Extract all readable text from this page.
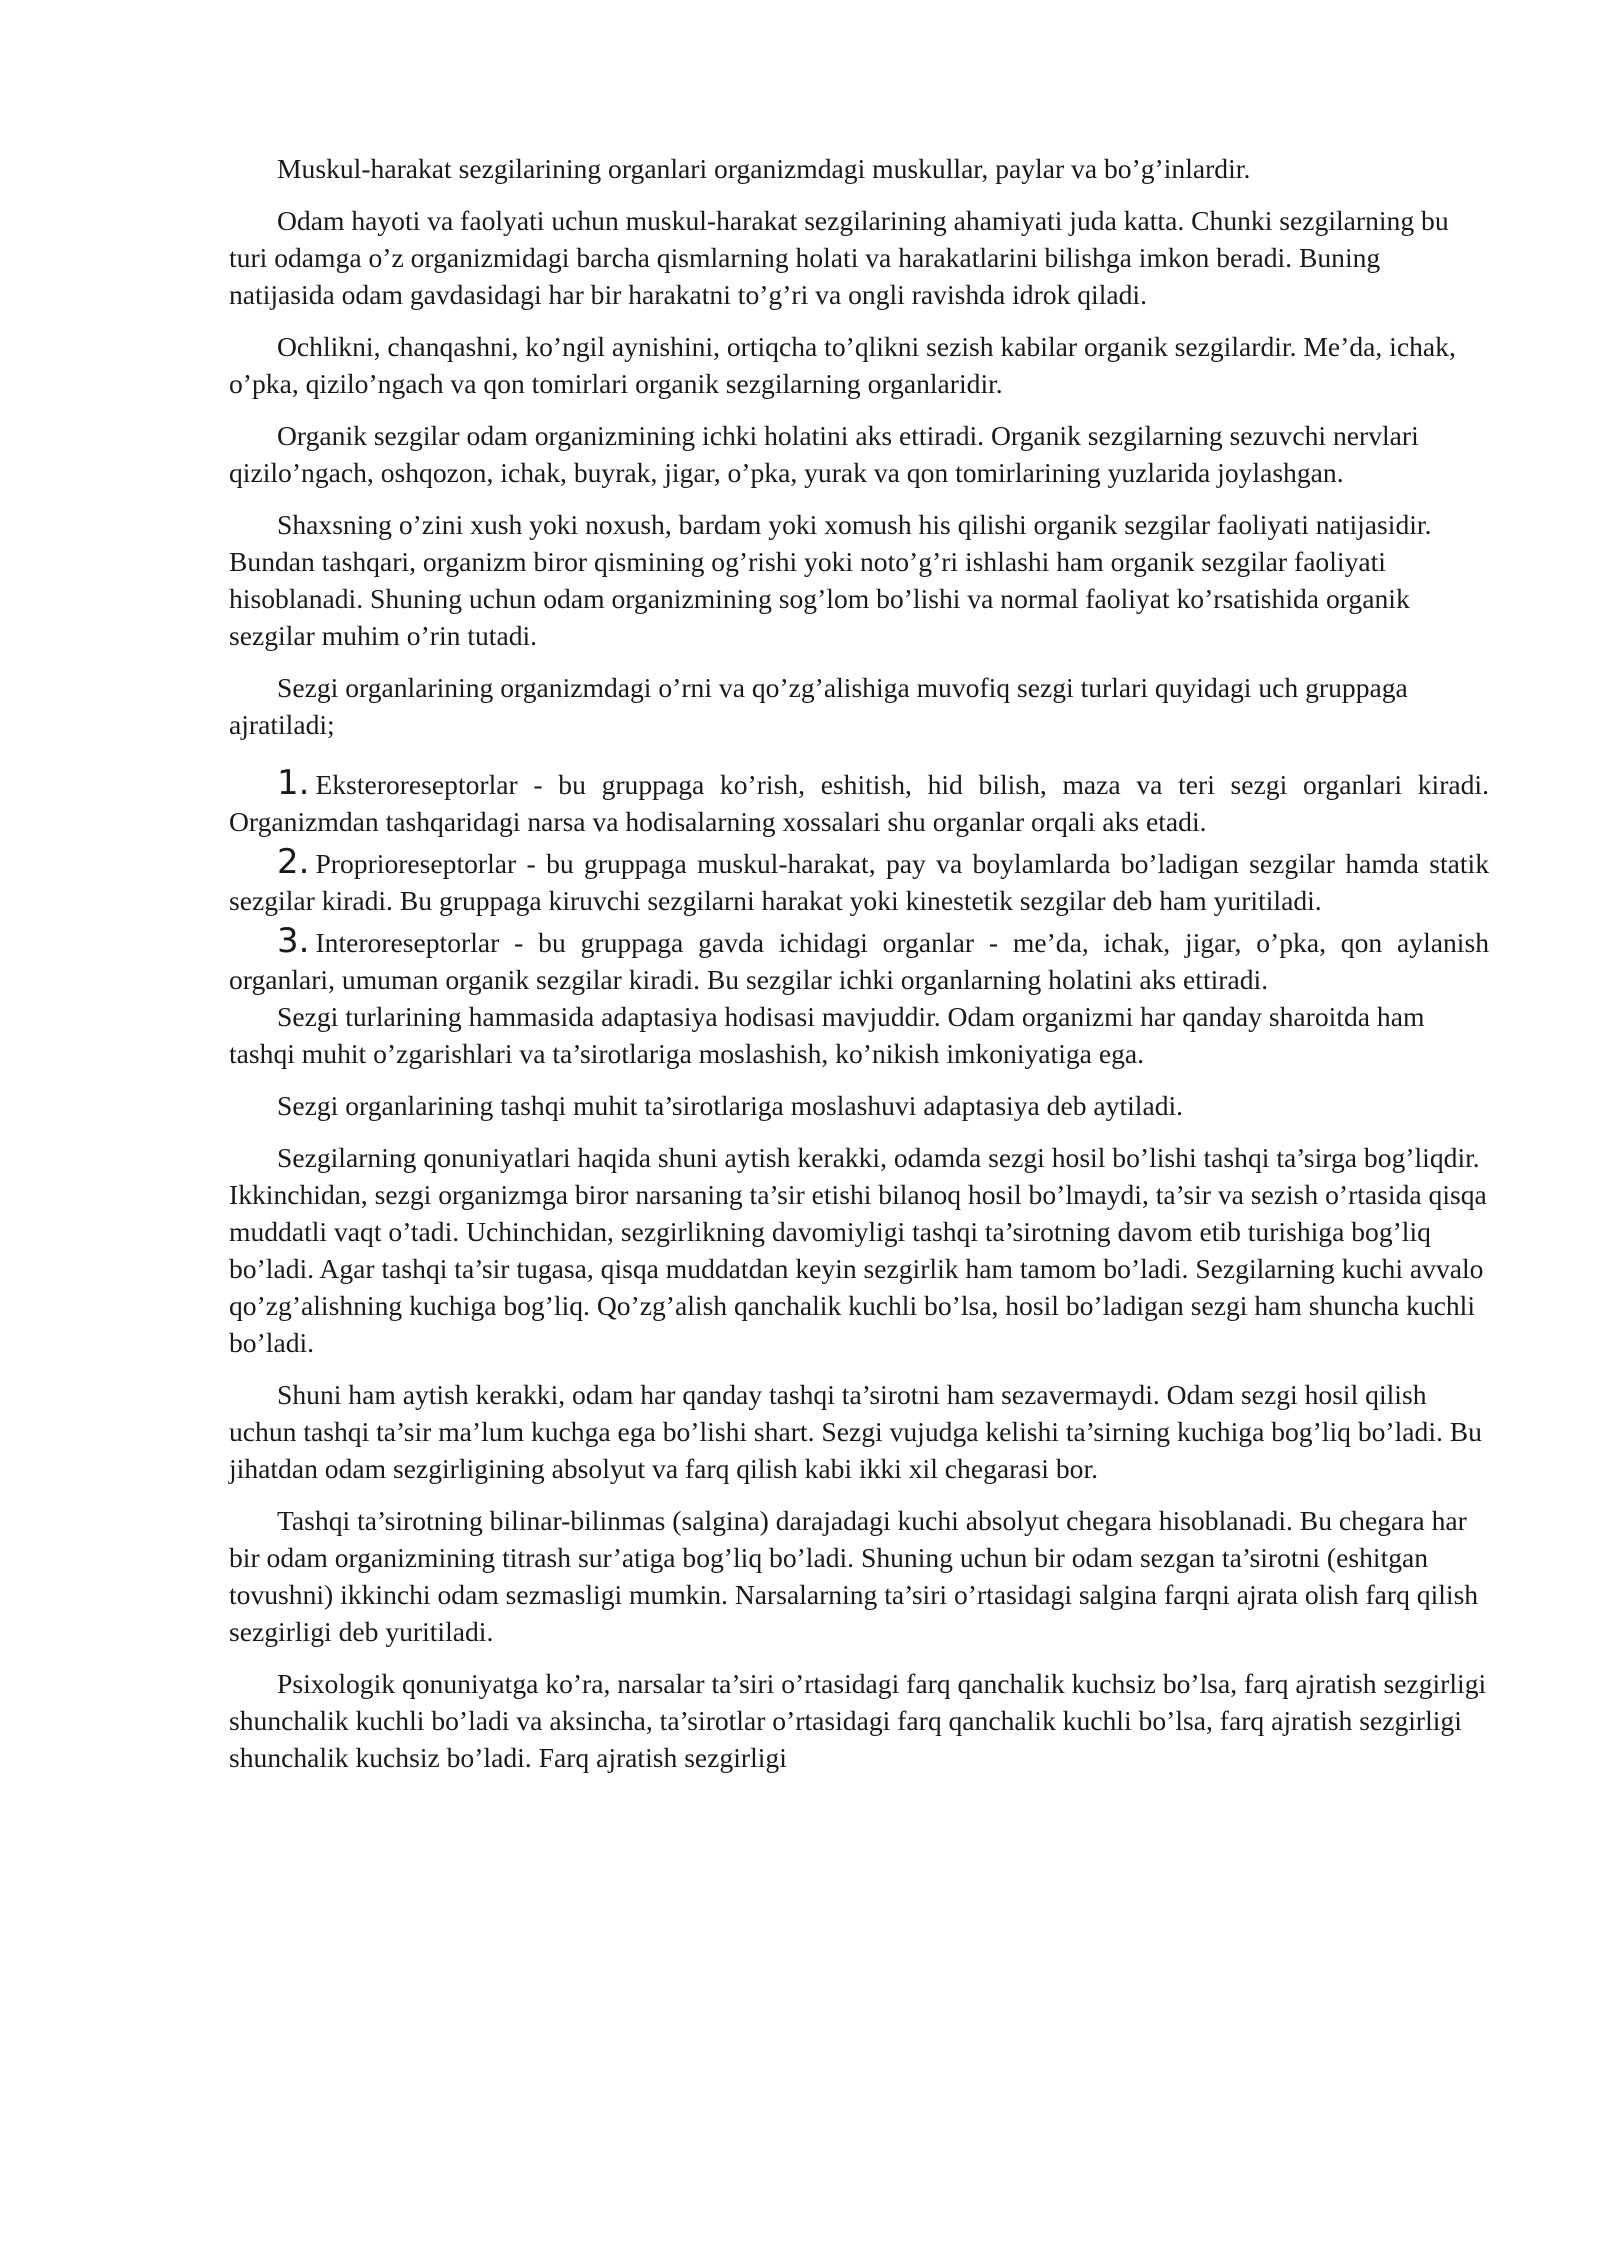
Muskul-harakat sezgilarining organlari organizmdagi muskullar, paylar va bo’g’inlardir.

Odam hayoti va faolyati uchun muskul-harakat sezgilarining ahamiyati juda katta. Chunki sezgilarning bu turi odamga o’z organizmidagi barcha qismlarning holati va harakatlarini bilishga imkon beradi. Buning natijasida odam gavdasidagi har bir harakatni to’g’ri va ongli ravishda idrok qiladi.

Ochlikni, chanqashni, ko’ngil aynishini, ortiqcha to’qlikni sezish kabilar organik sezgilardir. Me’da, ichak, o’pka, qizilo’ngach va qon tomirlari organik sezgilarning organlaridir.

Organik sezgilar odam organizmining ichki holatini aks ettiradi. Organik sezgilarning sezuvchi nervlari qizilo’ngach, oshqozon, ichak, buyrak, jigar, o’pka, yurak va qon tomirlarining yuzlarida joylashgan.

Shaxsning o’zini xush yoki noxush, bardam yoki xomush his qilishi organik sezgilar faoliyati natijasidir. Bundan tashqari, organizm biror qismining og’rishi yoki noto’g’ri ishlashi ham organik sezgilar faoliyati hisoblanadi. Shuning uchun odam organizmining sog’lom bo’lishi va normal faoliyat ko’rsatishida organik sezgilar muhim o’rin tutadi.

Sezgi organlarining organizmdagi o’rni va qo’zg’alishiga muvofiq sezgi turlari quyidagi uch gruppaga ajratiladi;

1. Eksteroreseptorlar - bu gruppaga ko’rish, eshitish, hid bilish, maza va teri sezgi organlari kiradi. Organizmdan tashqaridagi narsa va hodisalarning xossalari shu organlar orqali aks etadi.
2. Proprioreseptorlar - bu gruppaga muskul-harakat, pay va boylamlarda bo’ladigan sezgilar hamda statik sezgilar kiradi. Bu gruppaga kiruvchi sezgilarni harakat yoki kinestetik sezgilar deb ham yuritiladi.
3. Interoreseptorlar - bu gruppaga gavda ichidagi organlar - me’da, ichak, jigar, o’pka, qon aylanish organlari, umuman organik sezgilar kiradi. Bu sezgilar ichki organlarning holatini aks ettiradi.

Sezgi turlarining hammasida adaptasiya hodisasi mavjuddir. Odam organizmi har qanday sharoitda ham tashqi muhit o’zgarishlari va ta’sirotlariga moslashish, ko’nikish imkoniyatiga ega.

Sezgi organlarining tashqi muhit ta’sirotlariga moslashuvi adaptasiya deb aytiladi.

Sezgilarning qonuniyatlari haqida shuni aytish kerakki, odamda sezgi hosil bo’lishi tashqi ta’sirga bog’liqdir. Ikkinchidan, sezgi organizmga biror narsaning ta’sir etishi bilanoq hosil bo’lmaydi, ta’sir va sezish o’rtasida qisqa muddatli vaqt o’tadi. Uchinchidan, sezgirlikning davomiyligi tashqi ta’sirotning davom etib turishiga bog’liq bo’ladi. Agar tashqi ta’sir tugasa, qisqa muddatdan keyin sezgirlik ham tamom bo’ladi. Sezgilarning kuchi avvalo qo’zg’alishning kuchiga bog’liq. Qo’zg’alish qanchalik kuchli bo’lsa, hosil bo’ladigan sezgi ham shuncha kuchli bo’ladi.

Shuni ham aytish kerakki, odam har qanday tashqi ta’sirotni ham sezavermaydi. Odam sezgi hosil qilish uchun tashqi ta’sir ma’lum kuchga ega bo’lishi shart. Sezgi vujudga kelishi ta’sirning kuchiga bog’liq bo’ladi. Bu jihatdan odam sezgirligining absolyut va farq qilish kabi ikki xil chegarasi bor.

Tashqi ta’sirotning bilinar-bilinmas (salgina) darajadagi kuchi absolyut chegara hisoblanadi. Bu chegara har bir odam organizmining titrash sur’atiga bog’liq bo’ladi. Shuning uchun bir odam sezgan ta’sirotni (eshitgan tovushni) ikkinchi odam sezmasligi mumkin. Narsalarning ta’siri o’rtasidagi salgina farqni ajrata olish farq qilish sezgirligi deb yuritiladi.

Psixologik qonuniyatga ko’ra, narsalar ta’siri o’rtasidagi farq qanchalik kuchsiz bo’lsa, farq ajratish sezgirligi shunchalik kuchli bo’ladi va aksincha, ta’sirotlar o’rtasidagi farq qanchalik kuchli bo’lsa, farq ajratish sezgirligi shunchalik kuchsiz bo’ladi. Farq ajratish sezgirligi
